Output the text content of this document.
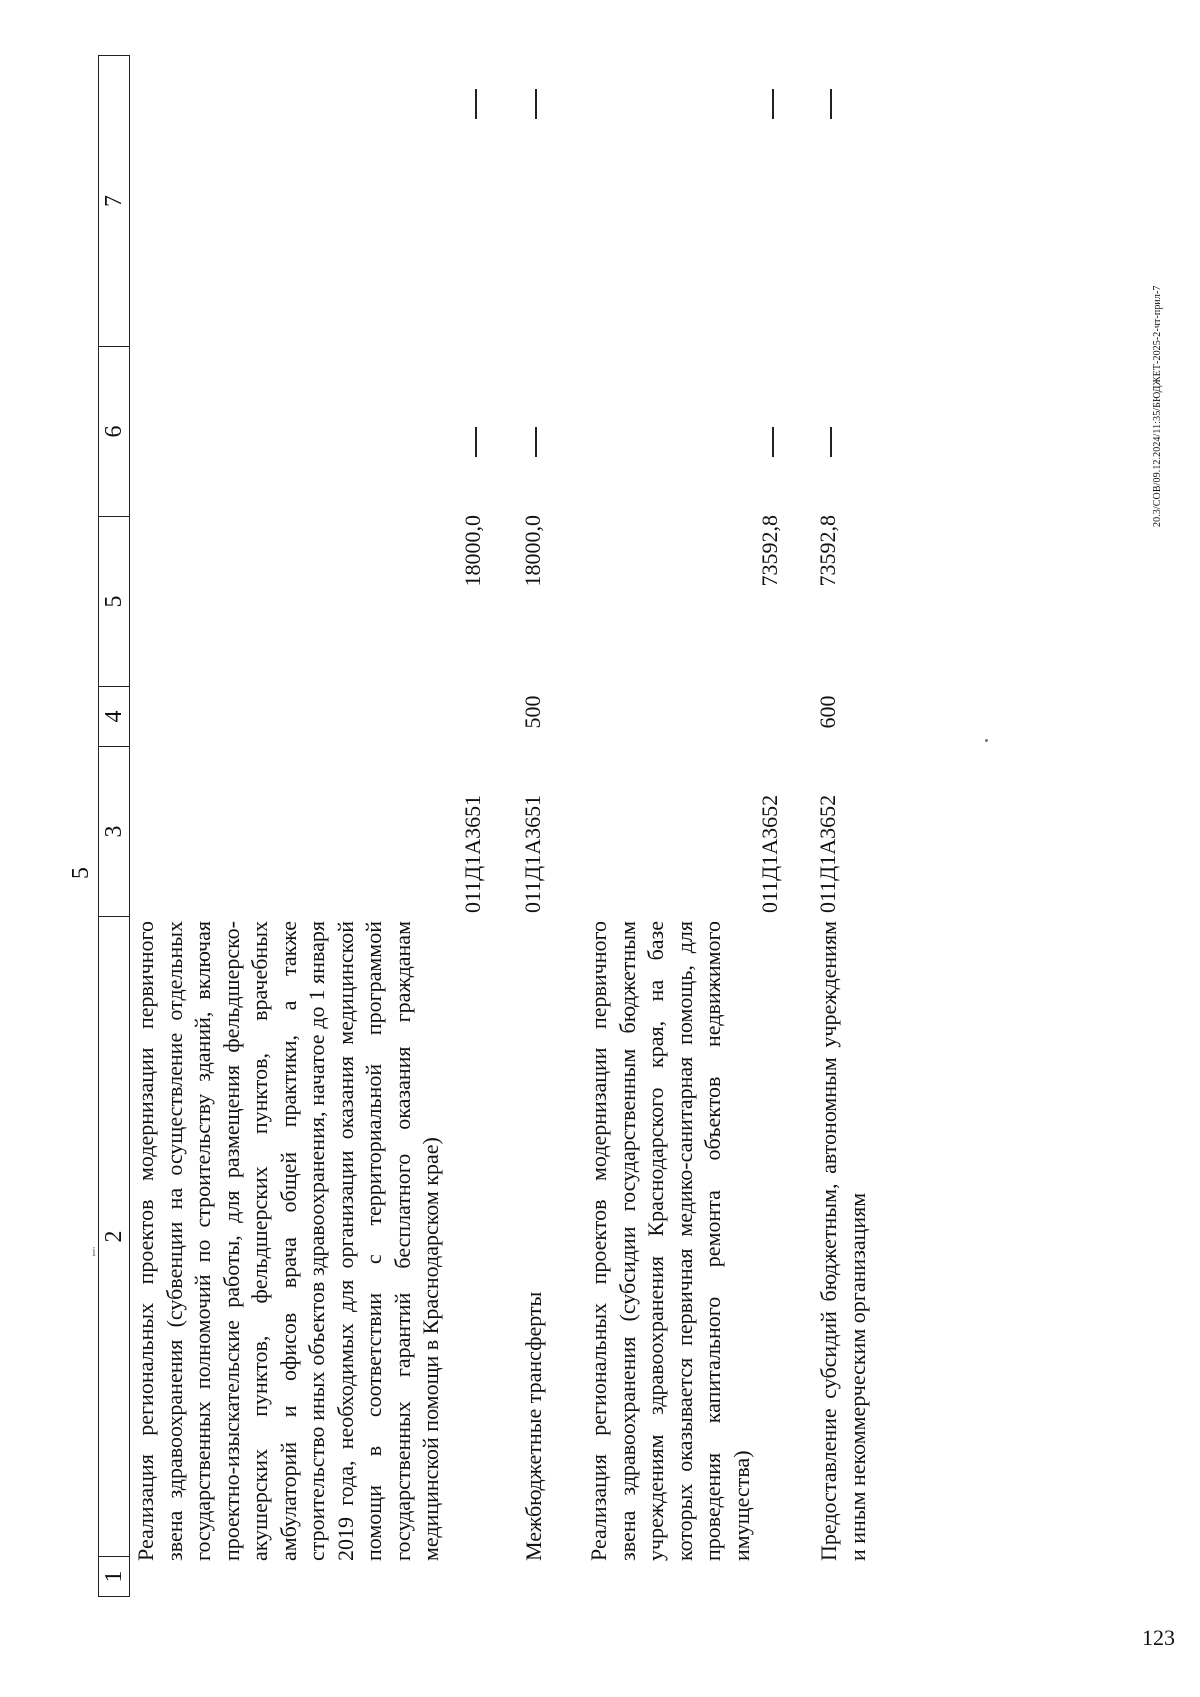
5
1
2
3
4
5
6
7
Реализация региональных проектов модернизации первичного звена здравоохранения (субвенции на осуществление отдельных государственных полномочий по строительству зданий, включая проектно-изыскательские работы, для размещения фельдшерско-акушерских пунктов, фельдшерских пунктов, врачебных амбулаторий и офисов врача общей практики, а также строительство иных объектов здравоохранения, начатое до 1 января 2019 года, необходимых для организации оказания медицинской помощи в соответствии с территориальной программой государственных гарантий бесплатного оказания гражданам медицинской помощи в Краснодарском крае)
011Д1А3651
18000,0
Межбюджетные трансферты
011Д1А3651
500
18000,0
Реализация региональных проектов модернизации первичного звена здравоохранения (субсидии государственным бюджетным учреждениям здравоохранения Краснодарского края, на базе которых оказывается первичная медико-санитарная помощь, для проведения капитального ремонта объектов недвижимого имущества)
011Д1А3652
73592,8
Предоставление субсидий бюджетным, автономным учреждениям и иным некоммерческим организациям
011Д1А3652
600
73592,8
20.3/СОВ/09.12.2024/11:35/БЮДЖЕТ-2025-2-чт-прил-7
i
123
